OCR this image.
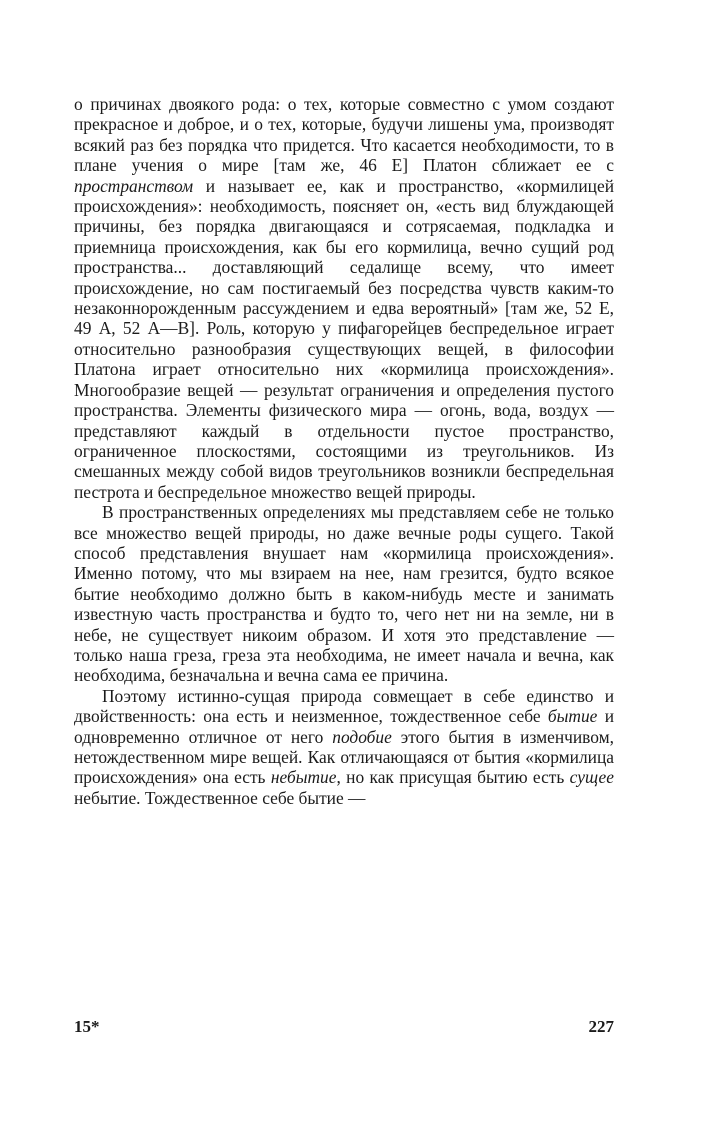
о причинах двоякого рода: о тех, которые совместно с умом создают прекрасное и доброе, и о тех, которые, будучи лишены ума, производят всякий раз без порядка что придется. Что касается необходимости, то в плане учения о мире [там же, 46 Е] Платон сближает ее с пространством и называет ее, как и пространство, «кормилицей происхождения»: необходимость, поясняет он, «есть вид блуждающей причины, без порядка двигающаяся и сотрясаемая, подкладка и приемница происхождения, как бы его кормилица, вечно сущий род пространства... доставляющий седалище всему, что имеет происхождение, но сам постигаемый без посредства чувств каким-то незаконнорожденным рассуждением и едва вероятный» [там же, 52 Е, 49 А, 52 А—В]. Роль, которую у пифагорейцев беспредельное играет относительно разнообразия существующих вещей, в философии Платона играет относительно них «кормилица происхождения». Многообразие вещей — результат ограничения и определения пустого пространства. Элементы физического мира — огонь, вода, воздух — представляют каждый в отдельности пустое пространство, ограниченное плоскостями, состоящими из треугольников. Из смешанных между собой видов треугольников возникли беспредельная пестрота и беспредельное множество вещей природы.

В пространственных определениях мы представляем себе не только все множество вещей природы, но даже вечные роды сущего. Такой способ представления внушает нам «кормилица происхождения». Именно потому, что мы взираем на нее, нам грезится, будто всякое бытие необходимо должно быть в каком-нибудь месте и занимать известную часть пространства и будто то, чего нет ни на земле, ни в небе, не существует никоим образом. И хотя это представление — только наша греза, греза эта необходима, не имеет начала и вечна, как необходима, безначальна и вечна сама ее причина.

Поэтому истинно-сущая природа совмещает в себе единство и двойственность: она есть и неизменное, тождественное себе бытие и одновременно отличное от него подобие этого бытия в изменчивом, нетождественном мире вещей. Как отличающаяся от бытия «кормилица происхождения» она есть небытие, но как присущая бытию есть сущее небытие. Тождественное себе бытие —

15*	227
